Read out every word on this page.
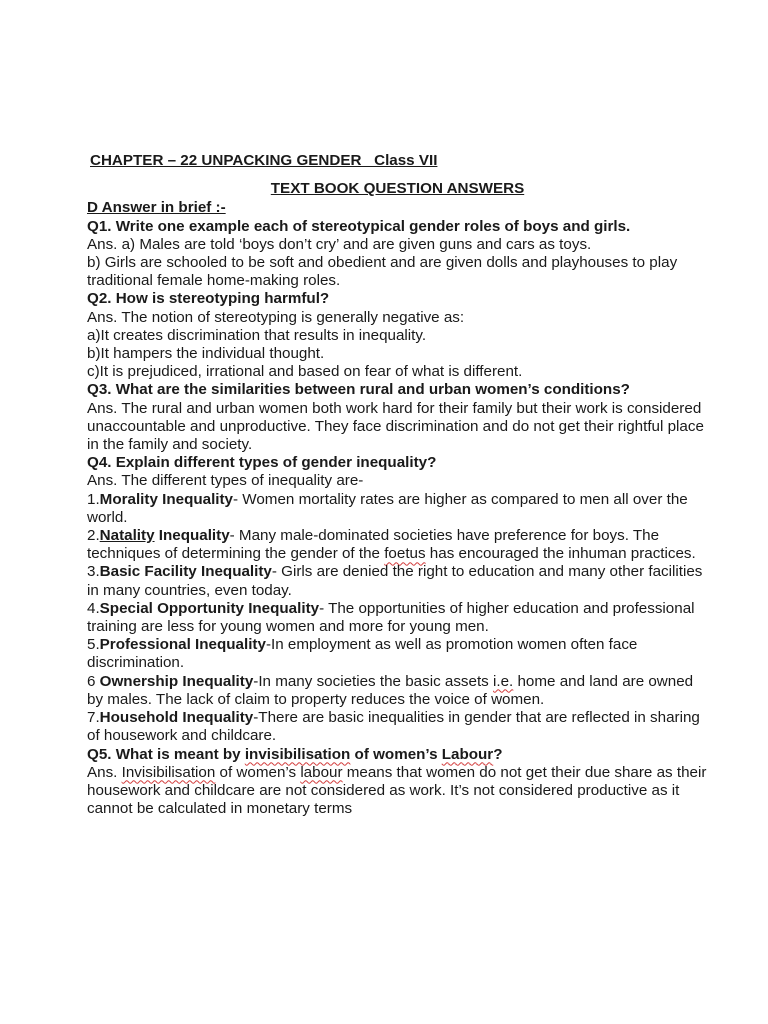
CHAPTER – 22 UNPACKING GENDER   Class VII

TEXT BOOK QUESTION ANSWERS

D Answer in brief :-

Q1. Write one example each of stereotypical gender roles of boys and girls.

Ans. a) Males are told ‘boys don’t cry’ and are given guns and cars as toys.

b) Girls are schooled to be soft and obedient and are given dolls and playhouses to play traditional female home-making roles.

Q2. How is stereotyping harmful?

Ans. The notion of stereotyping is generally negative as:

a)It creates discrimination that results in inequality.

b)It hampers the individual thought.

c)It is prejudiced, irrational and based on fear of what is different.

Q3. What are the similarities between rural and urban women’s conditions?

Ans. The rural and urban women both work hard for their family but their work is considered unaccountable and unproductive. They face discrimination and do not get their rightful place in the family and society.

Q4. Explain different types of gender inequality?

Ans. The different types of inequality are-

1.Morality Inequality- Women mortality rates are higher as compared to men all over the world.

2.Natality Inequality- Many male-dominated societies have preference for boys. The techniques of determining the gender of the foetus has encouraged the inhuman practices.

3.Basic Facility Inequality- Girls are denied the right to education and many other facilities in many countries, even today.

4.Special Opportunity Inequality- The opportunities of higher education and professional training are less for young women and more for young men.

5.Professional Inequality-In employment as well as promotion women often face discrimination.

6 Ownership Inequality-In many societies the basic assets i.e. home and land are owned by males. The lack of claim to property reduces the voice of women.

7.Household Inequality-There are basic inequalities in gender that are reflected in sharing of housework and childcare.

Q5. What is meant by invisibilisation of women’s Labour?

Ans. Invisibilisation of women’s labour means that women do not get their due share as their housework and childcare are not considered as work. It’s not considered productive as it cannot be calculated in monetary terms
